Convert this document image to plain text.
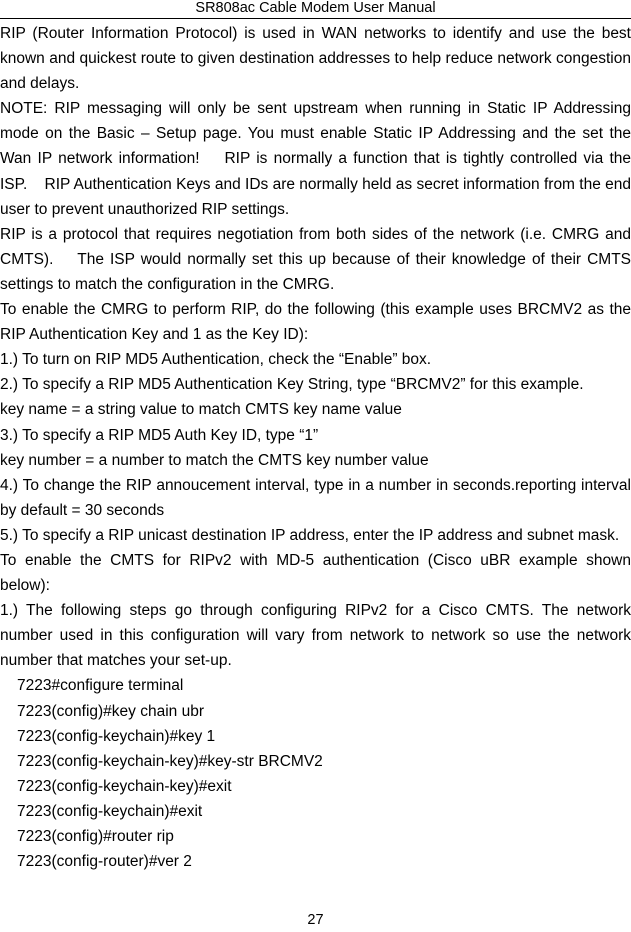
SR808ac Cable Modem User Manual

RIP (Router Information Protocol) is used in WAN networks to identify and use the best known and quickest route to given destination addresses to help reduce network congestion and delays.

NOTE: RIP messaging will only be sent upstream when running in Static IP Addressing mode on the Basic – Setup page. You must enable Static IP Addressing and the set the Wan IP network information!    RIP is normally a function that is tightly controlled via the ISP.    RIP Authentication Keys and IDs are normally held as secret information from the end user to prevent unauthorized RIP settings.

RIP is a protocol that requires negotiation from both sides of the network (i.e. CMRG and CMTS).    The ISP would normally set this up because of their knowledge of their CMTS settings to match the configuration in the CMRG.

To enable the CMRG to perform RIP, do the following (this example uses BRCMV2 as the RIP Authentication Key and 1 as the Key ID):

1.) To turn on RIP MD5 Authentication, check the “Enable” box.

2.) To specify a RIP MD5 Authentication Key String, type “BRCMV2” for this example.

key name = a string value to match CMTS key name value

3.) To specify a RIP MD5 Auth Key ID, type “1”

key number = a number to match the CMTS key number value

4.) To change the RIP annoucement interval, type in a number in seconds.reporting interval by default = 30 seconds

5.) To specify a RIP unicast destination IP address, enter the IP address and subnet mask.

To enable the CMTS for RIPv2 with MD-5 authentication (Cisco uBR example shown below):

1.) The following steps go through configuring RIPv2 for a Cisco CMTS. The network number used in this configuration will vary from network to network so use the network number that matches your set-up.

7223#configure terminal

7223(config)#key chain ubr

7223(config-keychain)#key 1

7223(config-keychain-key)#key-str BRCMV2

7223(config-keychain-key)#exit

7223(config-keychain)#exit

7223(config)#router rip

7223(config-router)#ver 2

27
